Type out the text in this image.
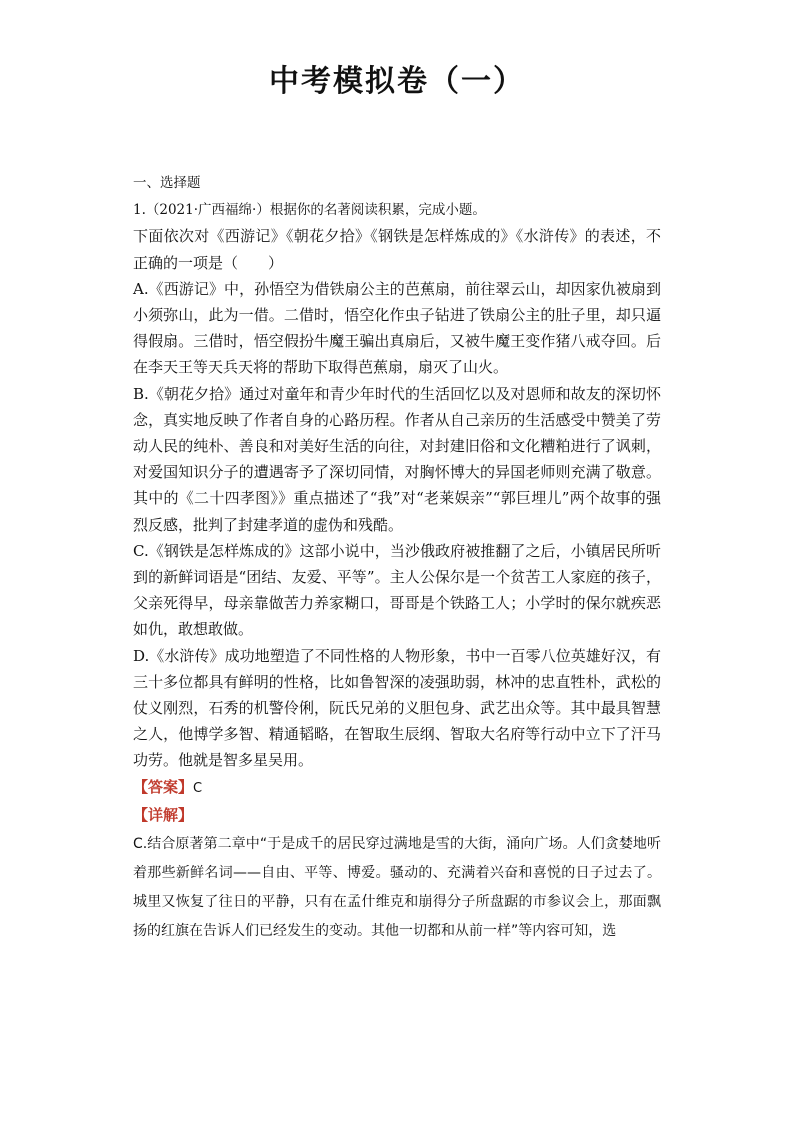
中考模拟卷（一）

一、选择题

1.（2021·广西福绵·）根据你的名著阅读积累，完成小题。

下面依次对《西游记》《朝花夕拾》《钢铁是怎样炼成的》《水浒传》的表述，不正确的一项是（　　）

A.《西游记》中，孙悟空为借铁扇公主的芭蕉扇，前往翠云山，却因家仇被扇到小须弥山，此为一借。二借时，悟空化作虫子钻进了铁扇公主的肚子里，却只逼得假扇。三借时，悟空假扮牛魔王骗出真扇后，又被牛魔王变作猪八戒夺回。后在李天王等天兵天将的帮助下取得芭蕉扇，扇灭了山火。

B.《朝花夕拾》通过对童年和青少年时代的生活回忆以及对恩师和故友的深切怀念，真实地反映了作者自身的心路历程。作者从自己亲历的生活感受中赞美了劳动人民的纯朴、善良和对美好生活的向往，对封建旧俗和文化糟粕进行了讽刺，对爱国知识分子的遭遇寄予了深切同情，对胸怀博大的异国老师则充满了敬意。其中的《二十四孝图》》重点描述了“我”对“老莱娱亲”“郭巨埋儿”两个故事的强烈反感，批判了封建孝道的虚伪和残酷。

C.《钢铁是怎样炼成的》这部小说中，当沙俄政府被推翻了之后，小镇居民所听到的新鲜词语是“团结、友爱、平等”。主人公保尔是一个贫苦工人家庭的孩子，父亲死得早，母亲靠做苦力养家糊口，哥哥是个铁路工人；小学时的保尔就疾恶如仇，敢想敢做。

D.《水浒传》成功地塑造了不同性格的人物形象，书中一百零八位英雄好汉，有三十多位都具有鲜明的性格，比如鲁智深的凌强助弱，林冲的忠直牲朴，武松的仗义刚烈，石秀的机警伶俐，阮氏兄弟的义胆包身、武艺出众等。其中最具智慧之人，他博学多智、精通韬略，在智取生辰纲、智取大名府等行动中立下了汗马功劳。他就是智多星吴用。

【答案】C

【详解】

C.结合原著第二章中“于是成千的居民穿过满地是雪的大街，涌向广场。人们贪婪地听着那些新鲜名词——自由、平等、博爱。骚动的、充满着兴奋和喜悦的日子过去了。城里又恢复了往日的平静，只有在孟什维克和崩得分子所盘踞的市参议会上，那面飘扬的红旗在告诉人们已经发生的变动。其他一切都和从前一样”等内容可知，选
